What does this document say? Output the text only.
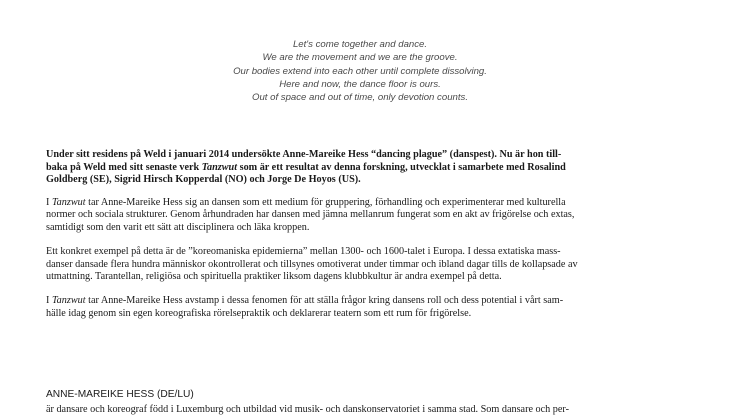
Let's come together and dance.
We are the movement and we are the groove.
Our bodies extend into each other until complete dissolving.
Here and now, the dance floor is ours.
Out of space and out of time, only devotion counts.

Under sitt residens på Weld i januari 2014 undersökte Anne-Mareike Hess “dancing plague” (danspest). Nu är hon till-
baka på Weld med sitt senaste verk Tanzwut som är ett resultat av denna forskning, utvecklat i samarbete med Rosalind
Goldberg (SE), Sigrid Hirsch Kopperdal (NO) och Jorge De Hoyos (US).

I Tanzwut tar Anne-Mareike Hess sig an dansen som ett medium för gruppering, förhandling och experimenterar med kulturella
normer och sociala strukturer. Genom århundraden har dansen med jämna mellanrum fungerat som en akt av frigörelse och extas,
samtidigt som den varit ett sätt att disciplinera och läka kroppen.

Ett konkret exempel på detta är de ”koreomaniska epidemierna” mellan 1300- och 1600-talet i Europa. I dessa extatiska mass-
danser dansade flera hundra människor okontrollerat och tillsynes omotiverat under timmar och ibland dagar tills de kollapsade av
utmattning. Tarantellan, religiösa och spirituella praktiker liksom dagens klubbkultur är andra exempel på detta.

I Tanzwut tar Anne-Mareike Hess avstamp i dessa fenomen för att ställa frågor kring dansens roll och dess potential i vårt sam-
hälle idag genom sin egen koreografiska rörelsepraktik och deklarerar teatern som ett rum för frigörelse.

ANNE-MAREIKE HESS (DE/LU)
är dansare och koreograf född i Luxemburg och utbildad vid musik- och danskonservatoriet i samma stad. Som dansare och per-
